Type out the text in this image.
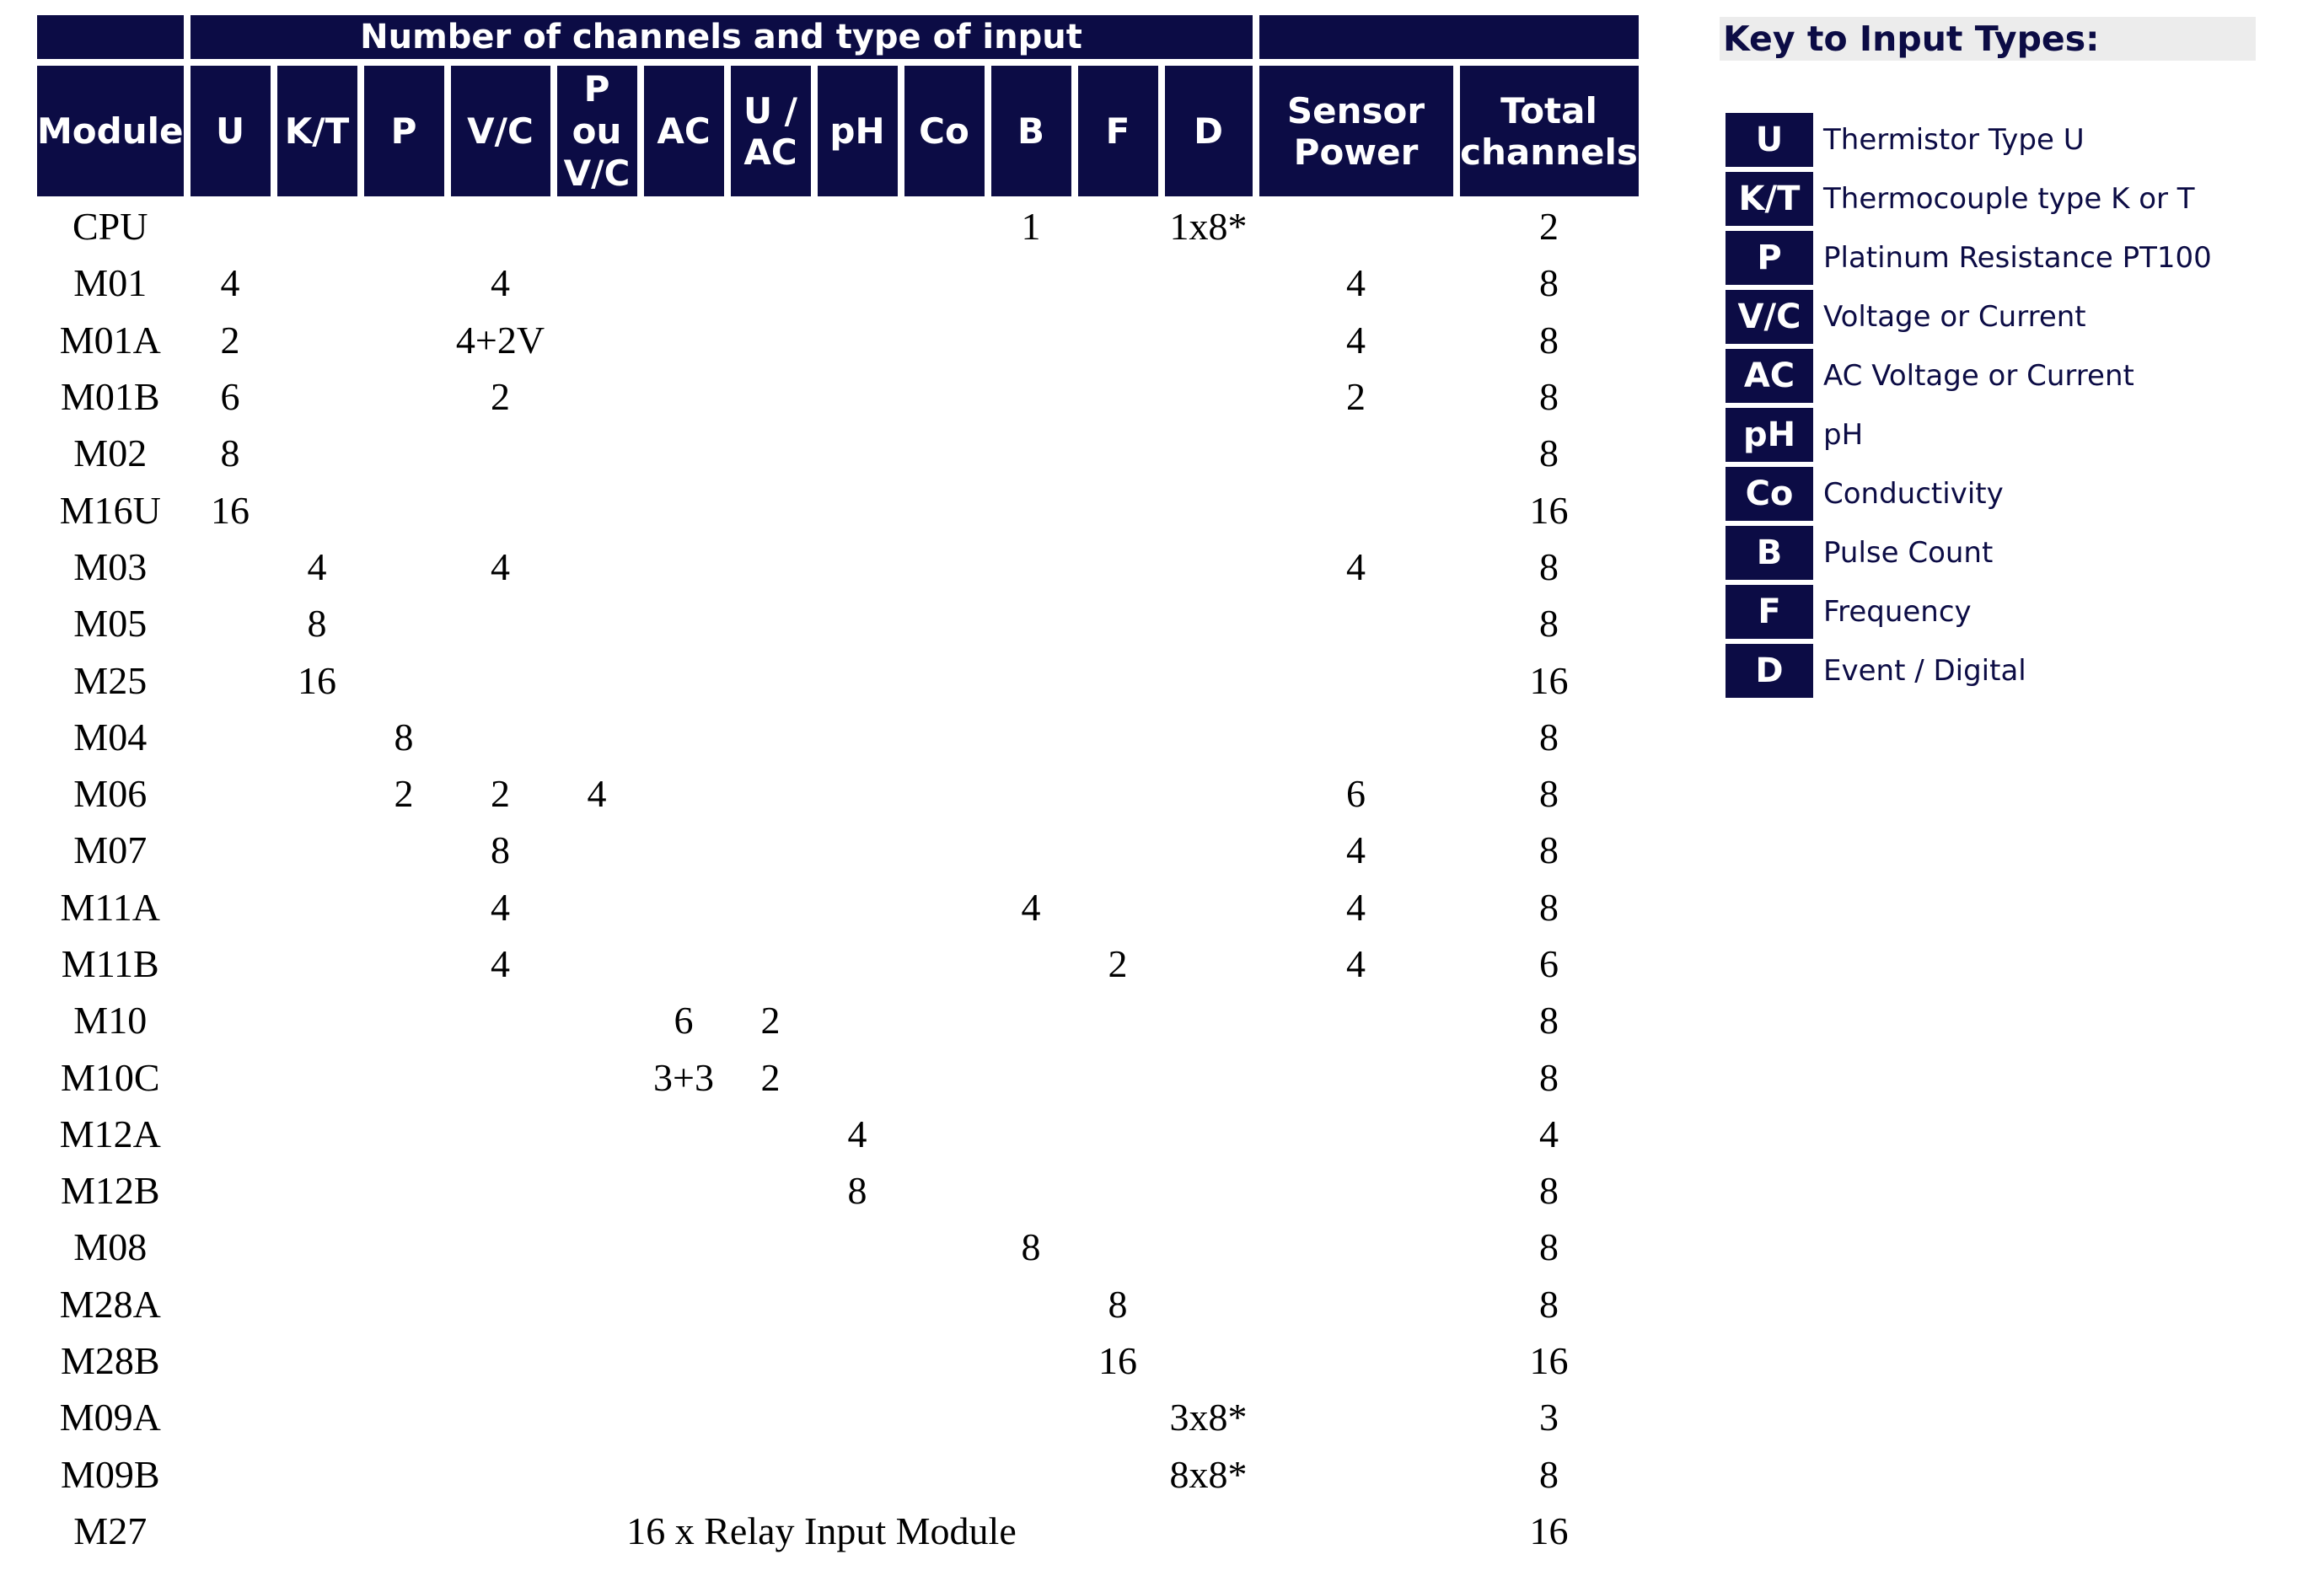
	Number of channels and type of input													

Module	U	K/T	P	V/C	P ou V/C	AC	U / AC	pH	Co	B	F	D	Sensor Power	Total channels
CPU										1		1x8*		2
M01	4			4									4	8
M01A	2			4+2V									4	8
M01B	6			2									2	8
M02	8													8
M16U	16													16
M03		4		4									4	8
M05		8												8
M25		16												16
M04			8											8
M06			2	2	4								6	8
M07				8									4	8
M11A				4						4			4	8
M11B				4							2		4	6
M10						6	2							8
M10C						3+3	2							8
M12A								4						4
M12B								8						8
M08										8				8
M28A											8			8
M28B											16			16
M09A												3x8*		3
M09B												8x8*		8
M27	16 x Relay Input Module													16
Key to Input Types:
U	Thermistor Type U
K/T Thermocouple type K or T
P	Platinum Resistance PT100
V/C Voltage or Current
AC AC Voltage or Current
pH pH
Co	Conductivity
B	Pulse Count
F	Frequency
D	Event / Digital
